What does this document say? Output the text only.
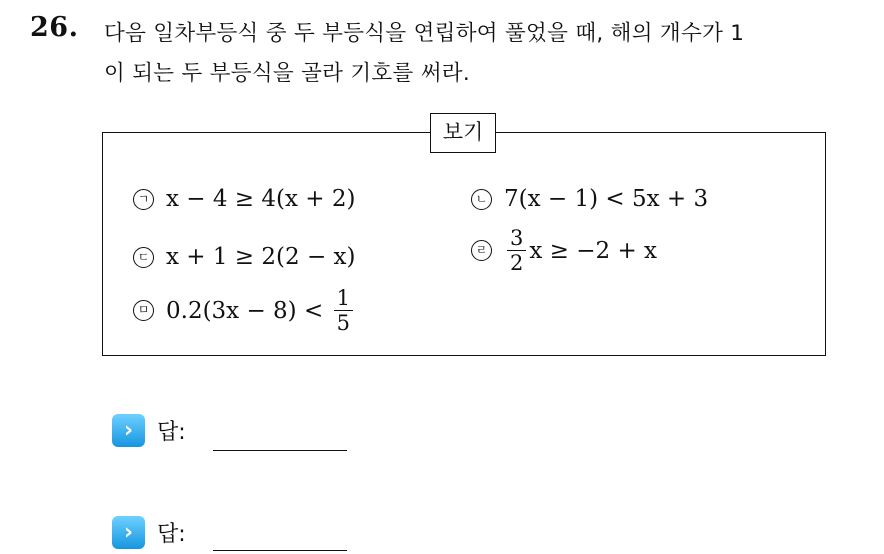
26. 다음 일차부등식 중 두 부등식을 연립하여 풀었을 때, 해의 개수가 1
이 되는 두 부등식을 골라 기호를 써라.
보기
ㄱ x − 4 ≥ 4(x + 2)	ㄴ 7(x − 1) < 5x + 3
ㄷ x + 1 ≥ 2(2 − x)	ㄹ $\frac{3}{2}$ x ≥ −2 + x
ㅁ $0.2(3x - 8) < \frac{1}{5}$
›	답:
›	답:
